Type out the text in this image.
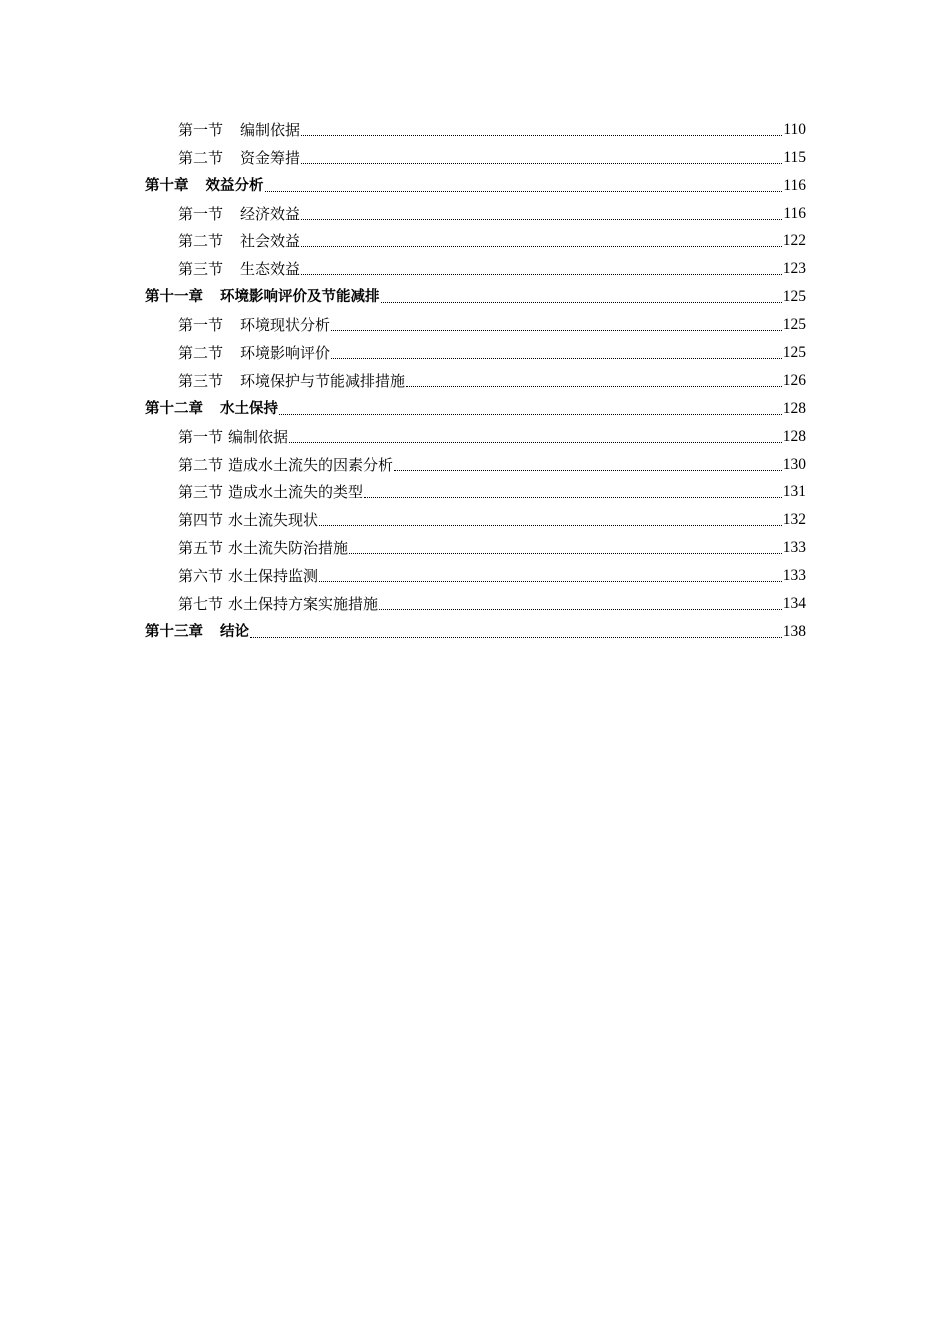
第一节 编制依据	110
第二节 资金筹措	115
第十章 效益分析	116
第一节 经济效益	116
第二节 社会效益	122
第三节 生态效益	123
第十一章 环境影响评价及节能减排	125
第一节 环境现状分析	125
第二节 环境影响评价	125
第三节 环境保护与节能减排措施	126
第十二章 水土保持	128
第一节 编制依据	128
第二节 造成水土流失的因素分析	130
第三节 造成水土流失的类型	131
第四节 水土流失现状	132
第五节 水土流失防治措施	133
第六节 水土保持监测	133
第七节 水土保持方案实施措施	134
第十三章 结论	138
